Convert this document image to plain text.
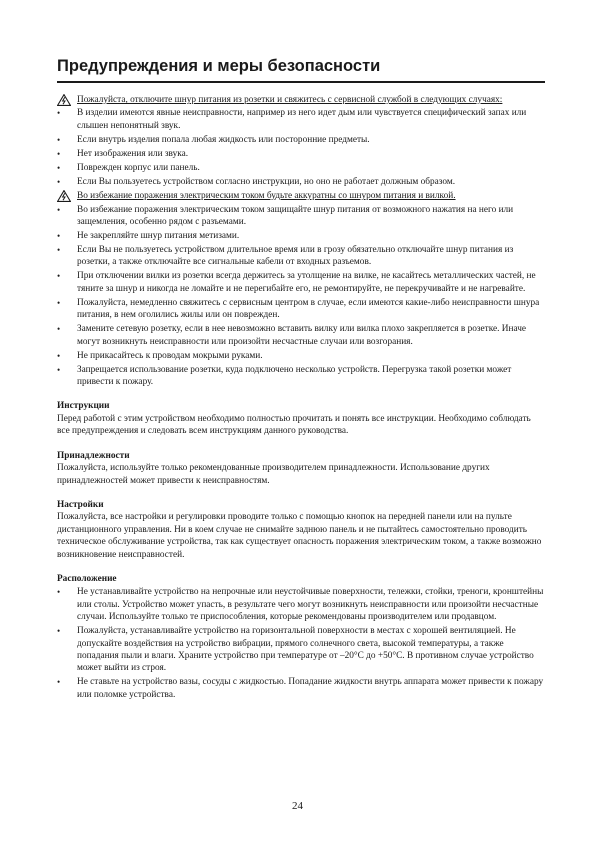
Предупреждения и меры безопасности

Пожалуйста, отключите шнур питания из розетки и свяжитесь с сервисной службой в следующих случаях:

• В изделии имеются явные неисправности, например из него идет дым или чувствуется специфический запах или слышен непонятный звук.
• Если внутрь изделия попала любая жидкость или посторонние предметы.
• Нет изображения или звука.
• Поврежден корпус или панель.
• Если Вы пользуетесь устройством согласно инструкции, но оно не работает должным образом.

Во избежание поражения электрическим током будьте аккуратны со шнуром питания и вилкой.

• Во избежание поражения электрическим током защищайте шнур питания от возможного нажатия на него или защемления, особенно рядом с разъемами.
• Не закрепляйте шнур питания метизами.
• Если Вы не пользуетесь устройством длительное время или в грозу обязательно отключайте шнур питания из розетки, а также отключайте все сигнальные кабели от входных разъемов.
• При отключении вилки из розетки всегда держитесь за утолщение на вилке, не касайтесь металлических частей, не тяните за шнур и никогда не ломайте и не перегибайте его, не ремонтируйте, не перекручивайте и не нагревайте.
• Пожалуйста, немедленно свяжитесь с сервисным центром в случае, если имеются какие-либо неисправности шнура питания, в нем оголились жилы или он поврежден.
• Замените сетевую розетку, если в нее невозможно вставить вилку или вилка плохо закрепляется в розетке. Иначе могут возникнуть неисправности или произойти несчастные случаи или возгорания.
• Не прикасайтесь к проводам мокрыми руками.
• Запрещается использование розетки, куда подключено несколько устройств. Перегрузка такой розетки может привести к пожару.

Инструкции

Перед работой с этим устройством необходимо полностью прочитать и понять все инструкции. Необходимо соблюдать все предупреждения и следовать всем инструкциям данного руководства.

Принадлежности

Пожалуйста, используйте только рекомендованные производителем принадлежности. Использование других принадлежностей может привести к неисправностям.

Настройки

Пожалуйста, все настройки и регулировки проводите только с помощью кнопок на передней панели или на пульте дистанционного управления. Ни в коем случае не снимайте заднюю панель и не пытайтесь самостоятельно проводить техническое обслуживание устройства, так как существует опасность поражения электрическим током, а также возможно возникновение неисправностей.

Расположение

• Не устанавливайте устройство на непрочные или неустойчивые поверхности, тележки, стойки, треноги, кронштейны или столы. Устройство может упасть, в результате чего могут возникнуть неисправности или произойти несчастные случаи. Используйте только те приспособления, которые рекомендованы производителем или продавцом.
• Пожалуйста, устанавливайте устройство на горизонтальной поверхности в местах с хорошей вентиляцией. Не допускайте воздействия на устройство вибрации, прямого солнечного света, высокой температуры, а также попадания пыли и влаги. Храните устройство при температуре от –20°С до +50°С. В противном случае устройство может выйти из строя.
• Не ставьте на устройство вазы, сосуды с жидкостью. Попадание жидкости внутрь аппарата может привести к пожару или поломке устройства.
24
